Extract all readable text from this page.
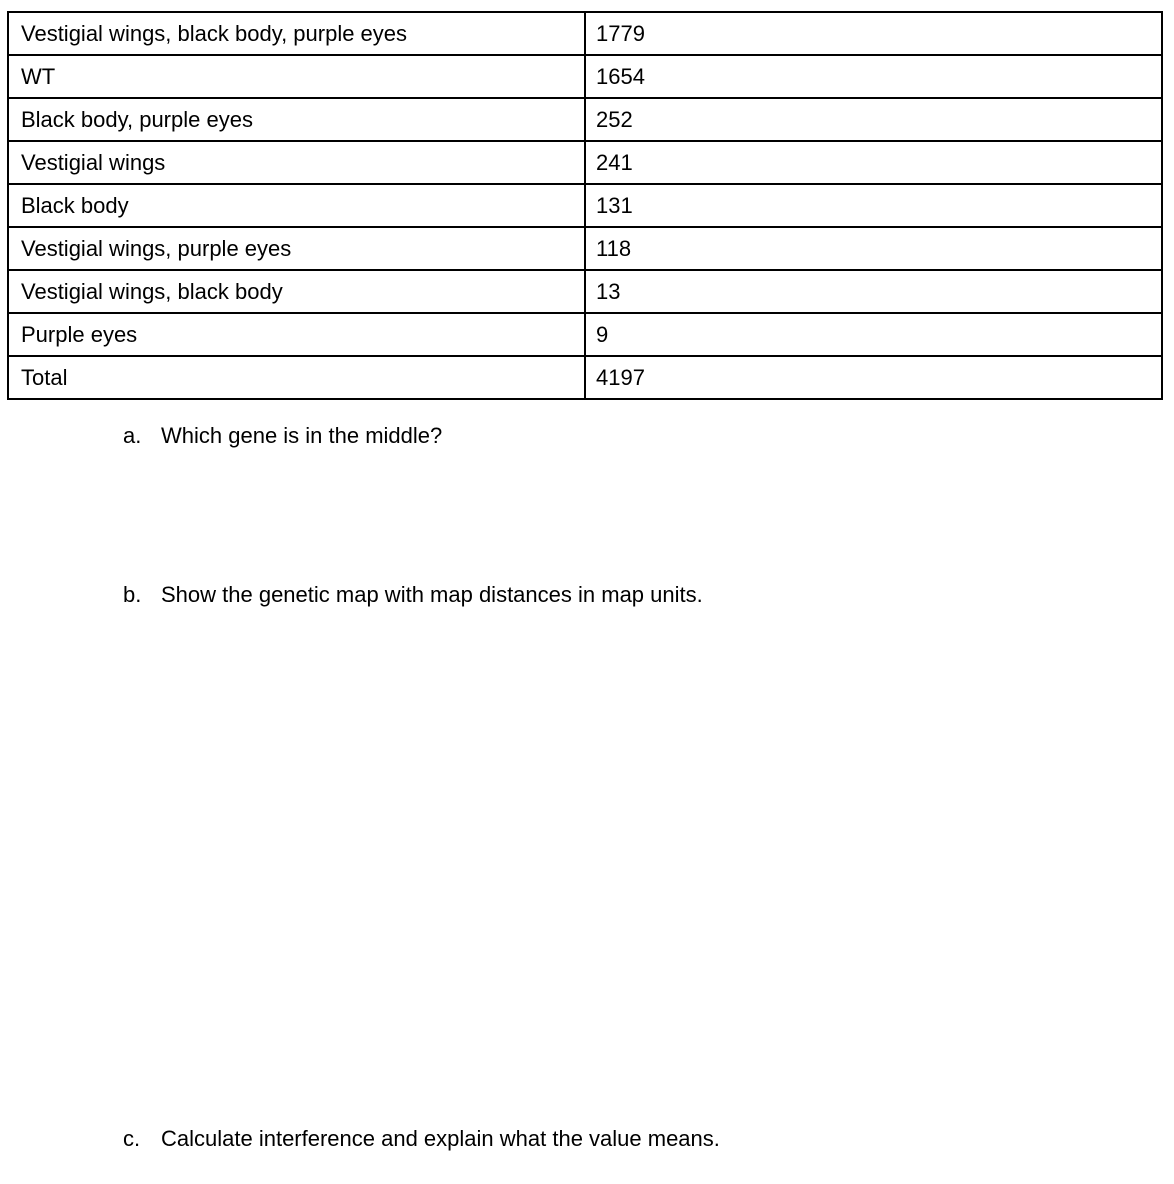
Vestigial wings, black body, purple eyes	1779
WT	1654
Black body, purple eyes	252
Vestigial wings	241
Black body	131
Vestigial wings, purple eyes	118
Vestigial wings, black body	13
Purple eyes	9
Total	4197
a. Which gene is in the middle?
b. Show the genetic map with map distances in map units.
c. Calculate interference and explain what the value means.
